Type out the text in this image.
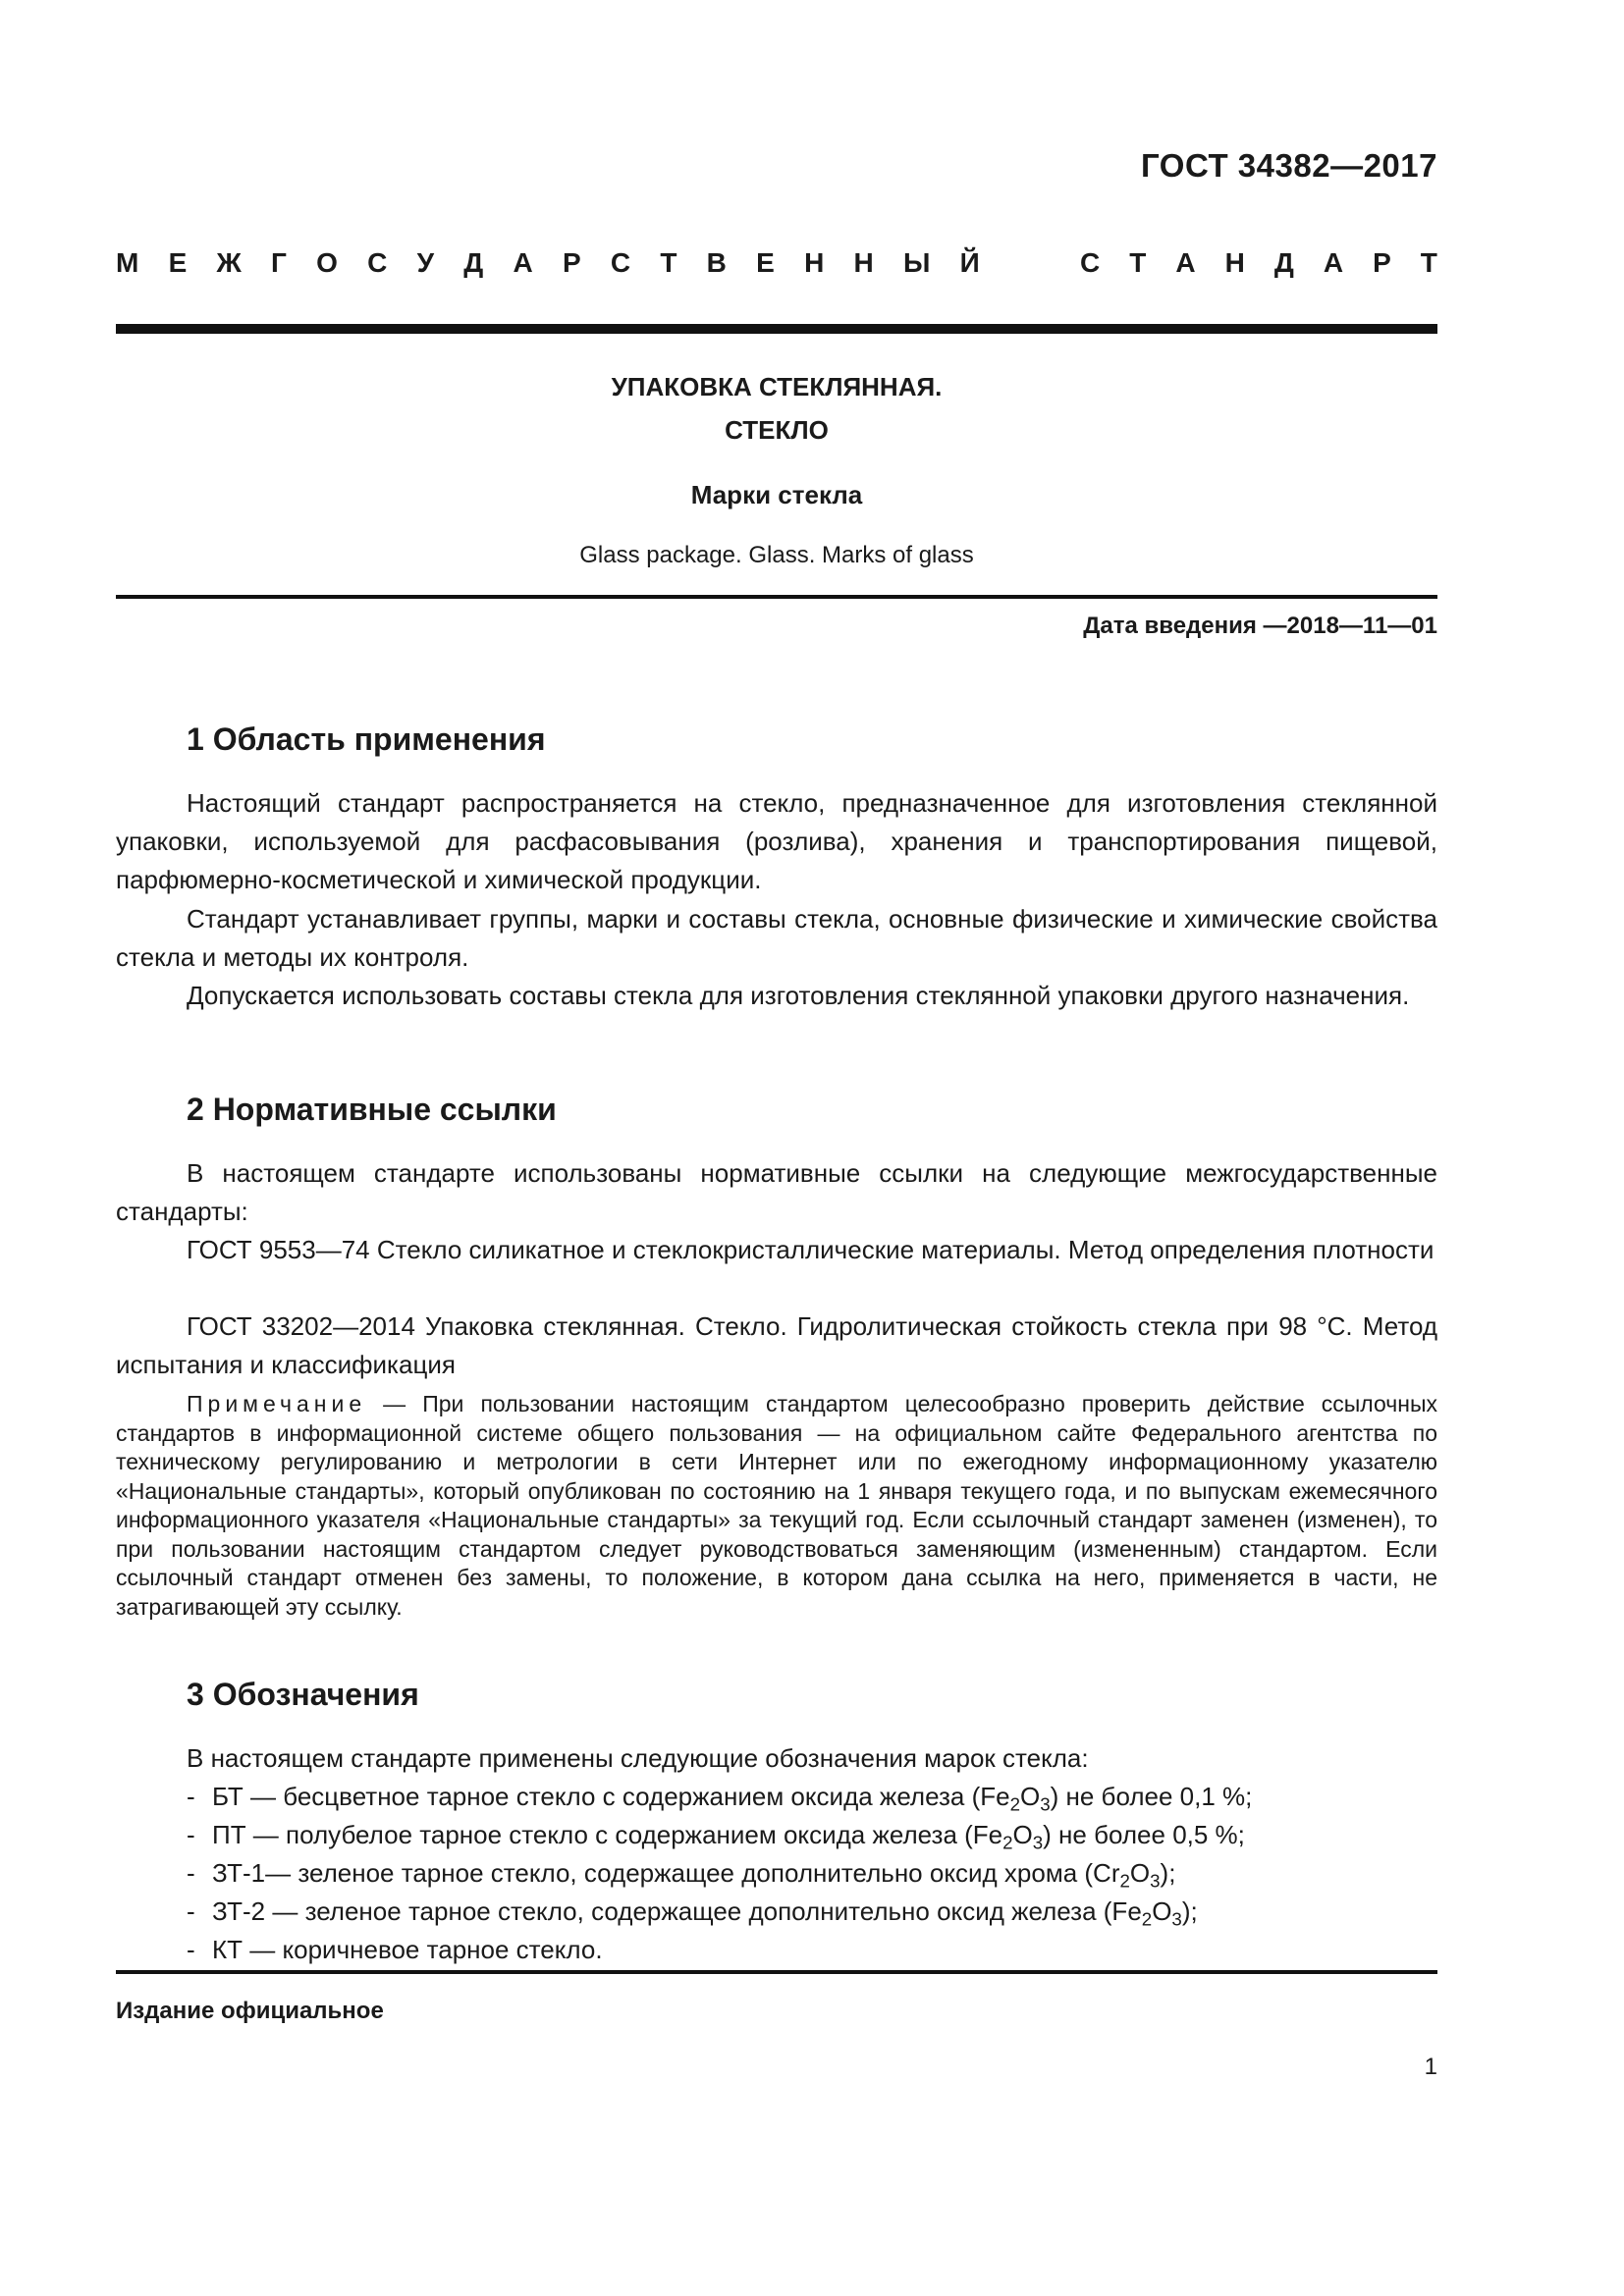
ГОСТ 34382—2017
М Е Ж Г О С У Д А Р С Т В Е Н Н Ы Й	С Т А Н Д А Р Т
УПАКОВКА СТЕКЛЯННАЯ.
СТЕКЛО
Марки стекла
Glass package. Glass. Marks of glass
Дата введения —2018—11—01
1 Область применения
Настоящий стандарт распространяется на стекло, предназначенное для изготовления стеклянной упаковки, используемой для расфасовывания (розлива), хранения и транспортирования пищевой, парфюмерно-косметической и химической продукции.
Стандарт устанавливает группы, марки и составы стекла, основные физические и химические свойства стекла и методы их контроля.
Допускается использовать составы стекла для изготовления стеклянной упаковки другого назначения.
2 Нормативные ссылки
В настоящем стандарте использованы нормативные ссылки на следующие межгосударственные стандарты:
ГОСТ 9553—74 Стекло силикатное и стеклокристаллические материалы. Метод определения плотности
ГОСТ 33202—2014 Упаковка стеклянная. Стекло. Гидролитическая стойкость стекла при 98 °С. Метод испытания и классификация
Примечание — При пользовании настоящим стандартом целесообразно проверить действие ссылочных стандартов в информационной системе общего пользования — на официальном сайте Федерального агентства по техническому регулированию и метрологии в сети Интернет или по ежегодному информационному указателю «Национальные стандарты», который опубликован по состоянию на 1 января текущего года, и по выпускам ежемесячного информационного указателя «Национальные стандарты» за текущий год. Если ссылочный стандарт заменен (изменен), то при пользовании настоящим стандартом следует руководствоваться заменяющим (измененным) стандартом. Если ссылочный стандарт отменен без замены, то положение, в котором дана ссылка на него, применяется в части, не затрагивающей эту ссылку.
3 Обозначения
В настоящем стандарте применены следующие обозначения марок стекла:
- БТ — бесцветное тарное стекло с содержанием оксида железа $(Fe_2O_3)$ не более 0,1 %;
- ПТ — полубелое тарное стекло с содержанием оксида железа $(Fe_2O_3)$ не более 0,5 %;
- ЗТ-1— зеленое тарное стекло, содержащее дополнительно оксид хрома $(Cr_2O_3)$;
- ЗТ-2 — зеленое тарное стекло, содержащее дополнительно оксид железа $(Fe_2O_3)$;
- КТ — коричневое тарное стекло.
Издание официальное
1
